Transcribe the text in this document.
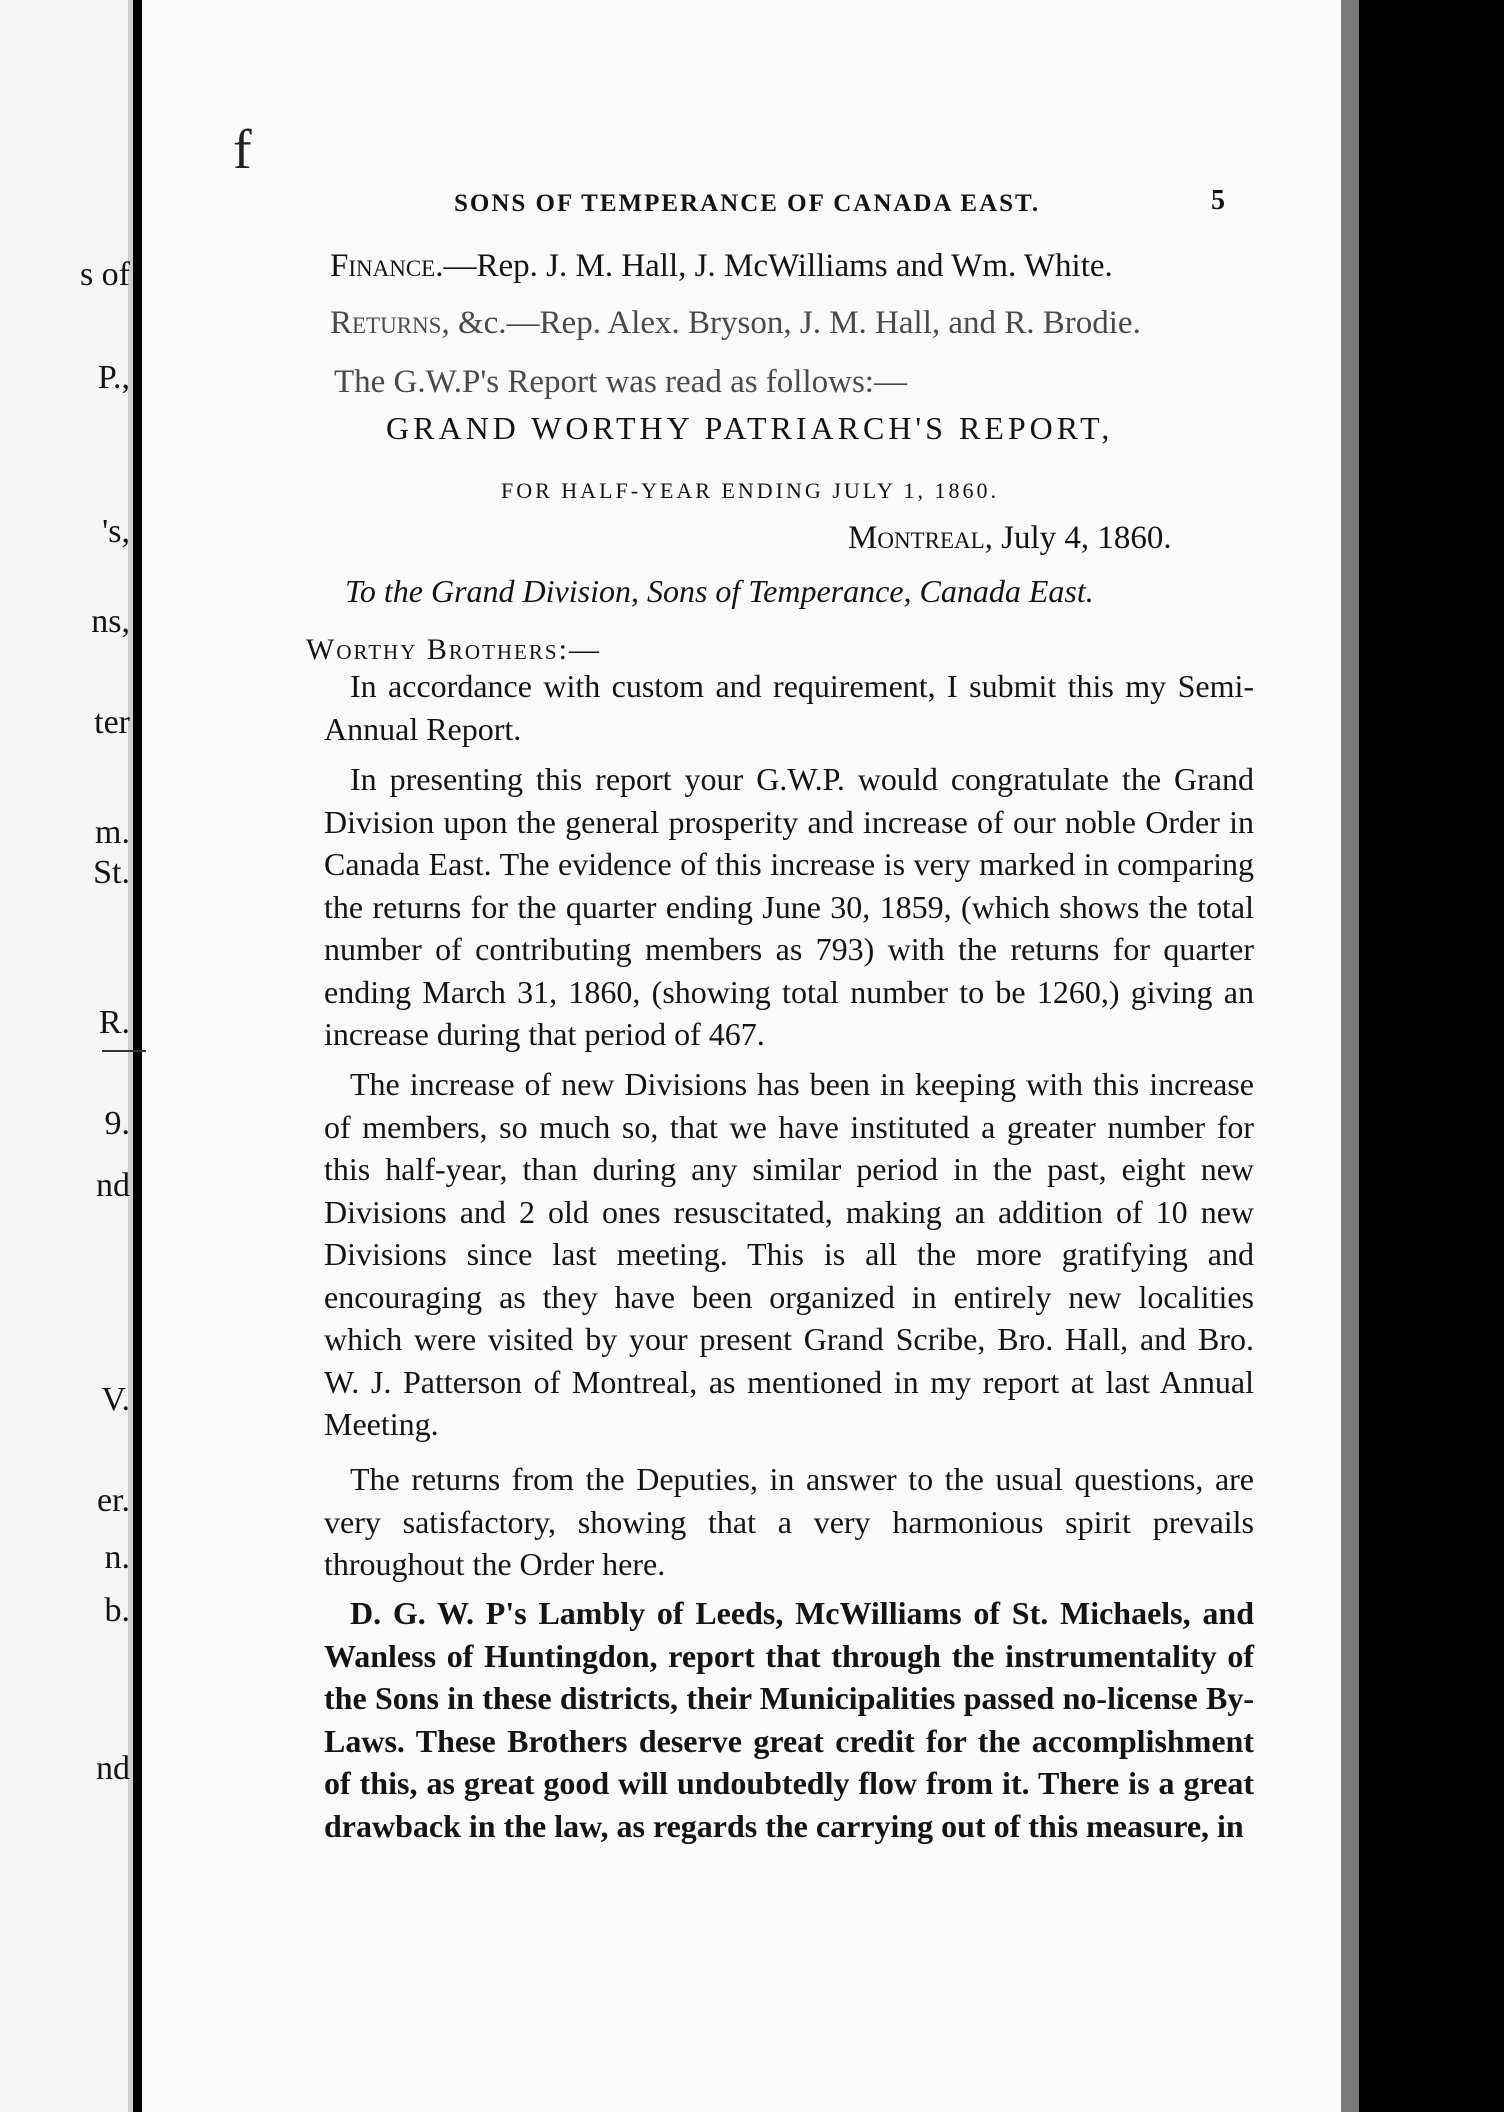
s of
P.,
's,
ns,
ter
m.
St.
R.
9.
nd
V.
er.
n.
b.
nd
f
SONS OF TEMPERANCE OF CANADA EAST.	5
Finance.—Rep. J. M. Hall, J. McWilliams and Wm. White.
Returns, &c.—Rep. Alex. Bryson, J. M. Hall, and R. Brodie.
The G.W.P's Report was read as follows:—
GRAND WORTHY PATRIARCH'S REPORT,
FOR HALF-YEAR ENDING JULY 1, 1860.
Montreal, July 4, 1860.
To the Grand Division, Sons of Temperance, Canada East.
Worthy Brothers:—
In accordance with custom and requirement, I submit this my Semi-Annual Report.
In presenting this report your G.W.P. would congratulate the Grand Division upon the general prosperity and increase of our noble Order in Canada East. The evidence of this increase is very marked in comparing the returns for the quarter ending June 30, 1859, (which shows the total number of contributing members as 793) with the returns for quarter ending March 31, 1860, (showing total number to be 1260,) giving an increase during that period of 467.
The increase of new Divisions has been in keeping with this increase of members, so much so, that we have instituted a greater number for this half-year, than during any similar period in the past, eight new Divisions and 2 old ones resuscitated, making an addition of 10 new Divisions since last meeting. This is all the more gratifying and encouraging as they have been organized in entirely new localities which were visited by your present Grand Scribe, Bro. Hall, and Bro. W. J. Patterson of Montreal, as mentioned in my report at last Annual Meeting.
The returns from the Deputies, in answer to the usual questions, are very satisfactory, showing that a very harmonious spirit prevails throughout the Order here.
D. G. W. P's Lambly of Leeds, McWilliams of St. Michaels, and Wanless of Huntingdon, report that through the instrumentality of the Sons in these districts, their Municipalities passed no-license By-Laws. These Brothers deserve great credit for the accomplishment of this, as great good will undoubtedly flow from it. There is a great drawback in the law, as regards the carrying out of this measure, in
